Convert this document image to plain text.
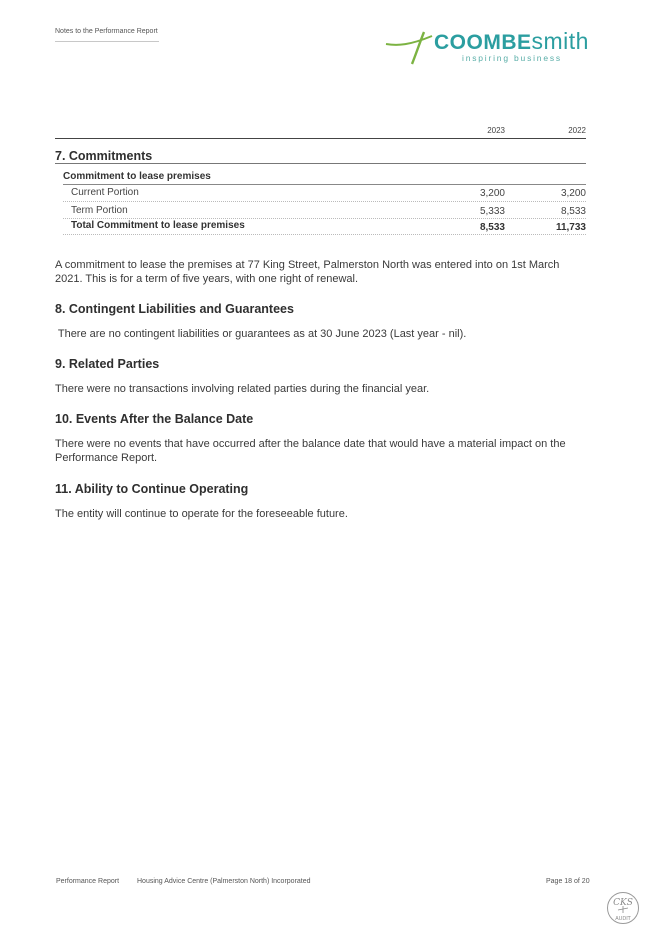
Notes to the Performance Report	COOMBEsmith
inspiring business
2023	2022
7. Commitments
Commitment to lease premises
Current Portion	3,200	3,200
Term Portion	5,333	8,533
Total Commitment to lease premises	8,533	11,733
A commitment to lease the premises at 77 King Street, Palmerston North was entered into on 1st March
2021. This is for a term of five years, with one right of renewal.
8. Contingent Liabilities and Guarantees
There are no contingent liabilities or guarantees as at 30 June 2023 (Last year - nil).
9. Related Parties
There were no transactions involving related parties during the financial year.
10. Events After the Balance Date
There were no events that have occurred after the balance date that would have a material impact on the
Performance Report.
11. Ability to Continue Operating
The entity will continue to operate for the foreseeable future.
Performance Report	Housing Advice Centre (Palmerston North) Incorporated	Page 18 of 20
CKS
AUDIT
